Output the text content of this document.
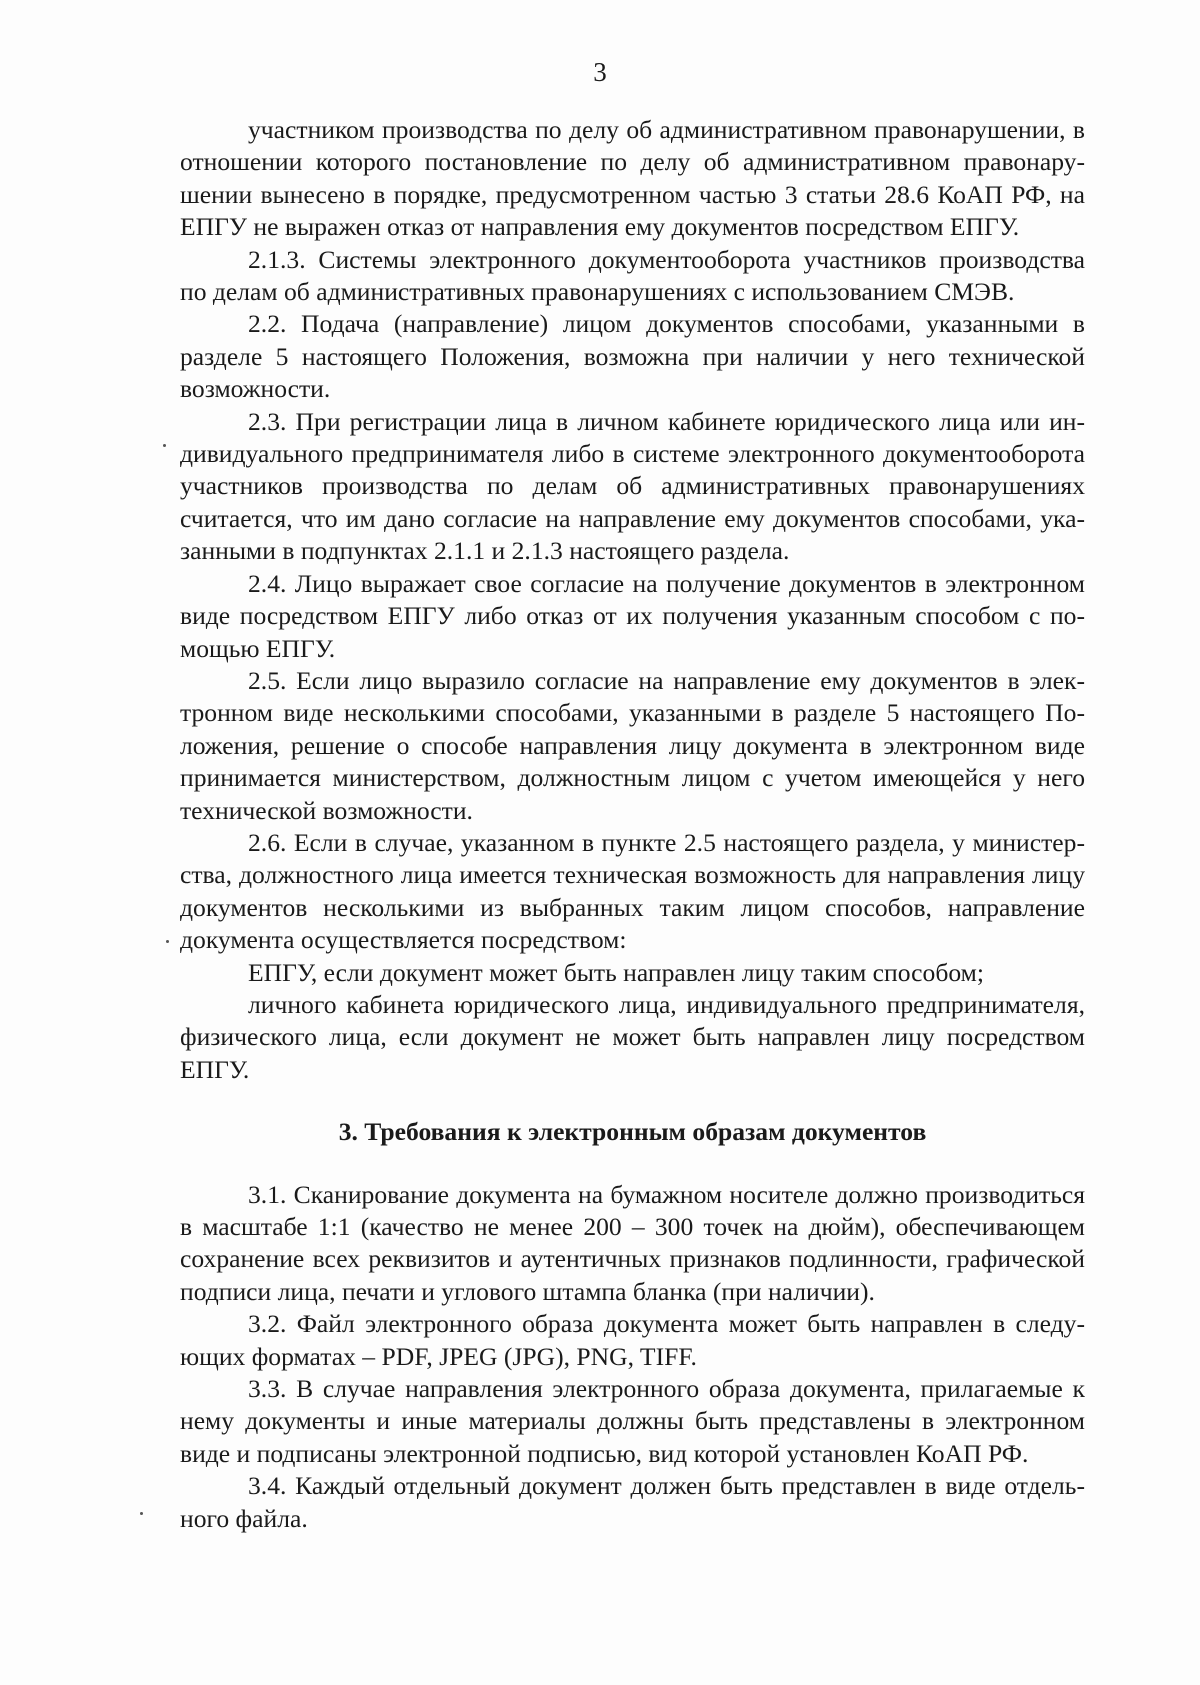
3

участником производства по делу об административном правонарушении, в отношении которого постановление по делу об административном правонарушении вынесено в порядке, предусмотренном частью 3 статьи 28.6 КоАП РФ, на ЕПГУ не выражен отказ от направления ему документов посредством ЕПГУ.

2.1.3. Системы электронного документооборота участников производства по делам об административных правонарушениях с использованием СМЭВ.

2.2. Подача (направление) лицом документов способами, указанными в разделе 5 настоящего Положения, возможна при наличии у него технической возможности.

2.3. При регистрации лица в личном кабинете юридического лица или индивидуального предпринимателя либо в системе электронного документооборота участников производства по делам об административных правонарушениях считается, что им дано согласие на направление ему документов способами, указанными в подпунктах 2.1.1 и 2.1.3 настоящего раздела.

2.4. Лицо выражает свое согласие на получение документов в электронном виде посредством ЕПГУ либо отказ от их получения указанным способом с помощью ЕПГУ.

2.5. Если лицо выразило согласие на направление ему документов в электронном виде несколькими способами, указанными в разделе 5 настоящего Положения, решение о способе направления лицу документа в электронном виде принимается министерством, должностным лицом с учетом имеющейся у него технической возможности.

2.6. Если в случае, указанном в пункте 2.5 настоящего раздела, у министерства, должностного лица имеется техническая возможность для направления лицу документов несколькими из выбранных таким лицом способов, направление документа осуществляется посредством:

ЕПГУ, если документ может быть направлен лицу таким способом;

личного кабинета юридического лица, индивидуального предпринимателя, физического лица, если документ не может быть направлен лицу посредством ЕПГУ.

3. Требования к электронным образам документов

3.1. Сканирование документа на бумажном носителе должно производиться в масштабе 1:1 (качество не менее 200 – 300 точек на дюйм), обеспечивающем сохранение всех реквизитов и аутентичных признаков подлинности, графической подписи лица, печати и углового штампа бланка (при наличии).

3.2. Файл электронного образа документа может быть направлен в следующих форматах – PDF, JPEG (JPG), PNG, TIFF.

3.3. В случае направления электронного образа документа, прилагаемые к нему документы и иные материалы должны быть представлены в электронном виде и подписаны электронной подписью, вид которой установлен КоАП РФ.

3.4. Каждый отдельный документ должен быть представлен в виде отдельного файла.
